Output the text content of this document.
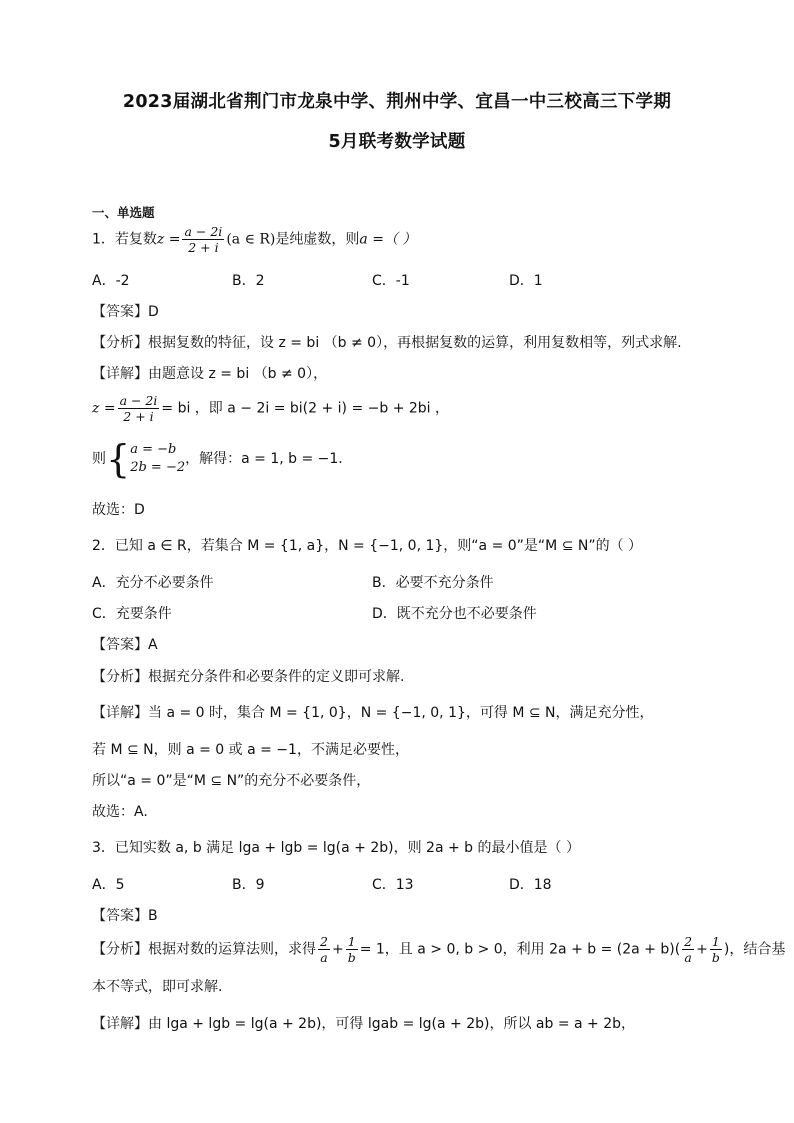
2023届湖北省荆门市龙泉中学、荆州中学、宜昌一中三校高三下学期
5月联考数学试题
一、单选题
1．若复数$z = \frac{a - 2i}{2 + i} (a$ ∈ R)是纯虚数，则a =（ ）
A．-2	B．2	C．-1	D．1
【答案】D
【分析】根据复数的特征，设 z = bi （b ≠ 0），再根据复数的运算，利用复数相等，列式求解.
【详解】由题意设 z = bi （b ≠ 0），
$z = \frac{a - 2i}{2 + i}$ = bi ，即 a − 2i = bi(2 + i) = −b + 2bi ，
则{ a = −b
2b = −2
，解得：a = 1, b = −1.
故选：D
2．已知 a ∈ R，若集合 M = {1, a}，N = {−1, 0, 1}，则“a = 0”是“M ⊆ N”的（ ）
A．充分不必要条件	B．必要不充分条件
C．充要条件	D．既不充分也不必要条件
【答案】A
【分析】根据充分条件和必要条件的定义即可求解.
【详解】当 a = 0 时，集合 M = {1, 0}，N = {−1, 0, 1}，可得 M ⊆ N，满足充分性，
若 M ⊆ N，则 a = 0 或 a = −1，不满足必要性，
所以“a = 0”是“M ⊆ N”的充分不必要条件，
故选：A.
3．已知实数 a, b 满足 lga + lgb = lg(a + 2b)，则 2a + b 的最小值是（ ）
A．5	B．9	C．13	D．18
【答案】B
【分析】根据对数的运算法则，求得 $\frac{2}{a} + \frac{1}{b} = 1$，且 a > 0, b > 0，利用 $2a + b = (2a + b)( \frac{2}{a} + \frac{1}{b}$ )，结合基
本不等式，即可求解.
【详解】由 lga + lgb = lg(a + 2b)，可得 lgab = lg(a + 2b)，所以 ab = a + 2b，
